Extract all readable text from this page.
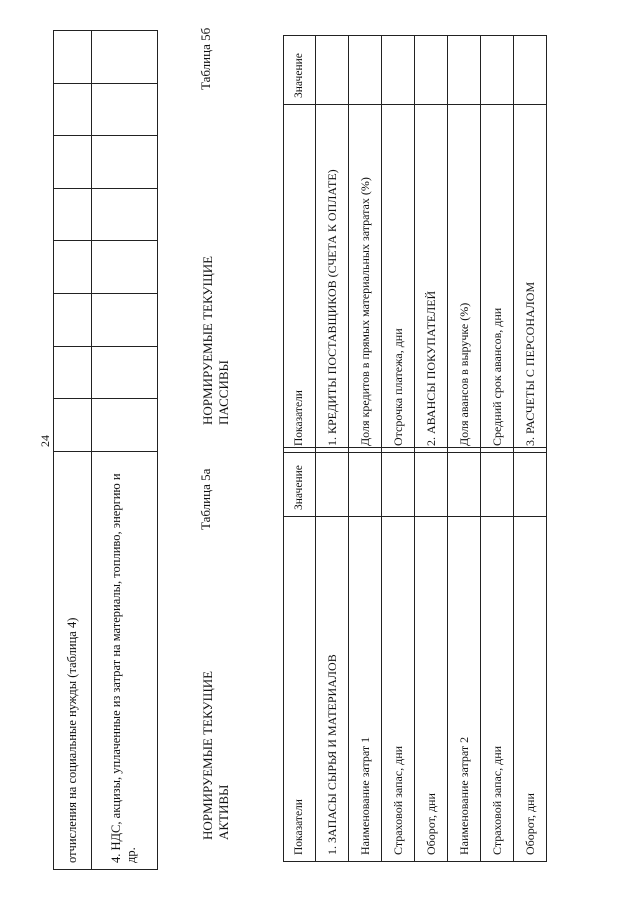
24
отчисления на социальные нужды (таблица 4)								
4. НДС, акцизы, уплаченные из затрат на материалы, топливо, энергию и др.								
НОРМИРУЕМЫЕ ТЕКУЩИЕ АКТИВЫ
Таблица 5а
НОРМИРУЕМЫЕ ТЕКУЩИЕ ПАССИВЫ
Таблица 5б
Показатели	Значение
1. ЗАПАСЫ СЫРЬЯ И МАТЕРИАЛОВ	
Наименование затрат 1	
Страховой запас, дни	
Оборот, дни	
Наименование затрат 2	
Страховой запас, дни	
Оборот, дни	
Показатели	Значение
1. КРЕДИТЫ ПОСТАВЩИКОВ (СЧЕТА К ОПЛАТЕ)	
Доля кредитов в прямых материальных затратах (%)	
Отсрочка платежа, дни	
2. АВАНСЫ ПОКУПАТЕЛЕЙ	
Доля авансов в выручке (%)	
Средний срок авансов, дни	
3. РАСЧЕТЫ С ПЕРСОНАЛОМ	
